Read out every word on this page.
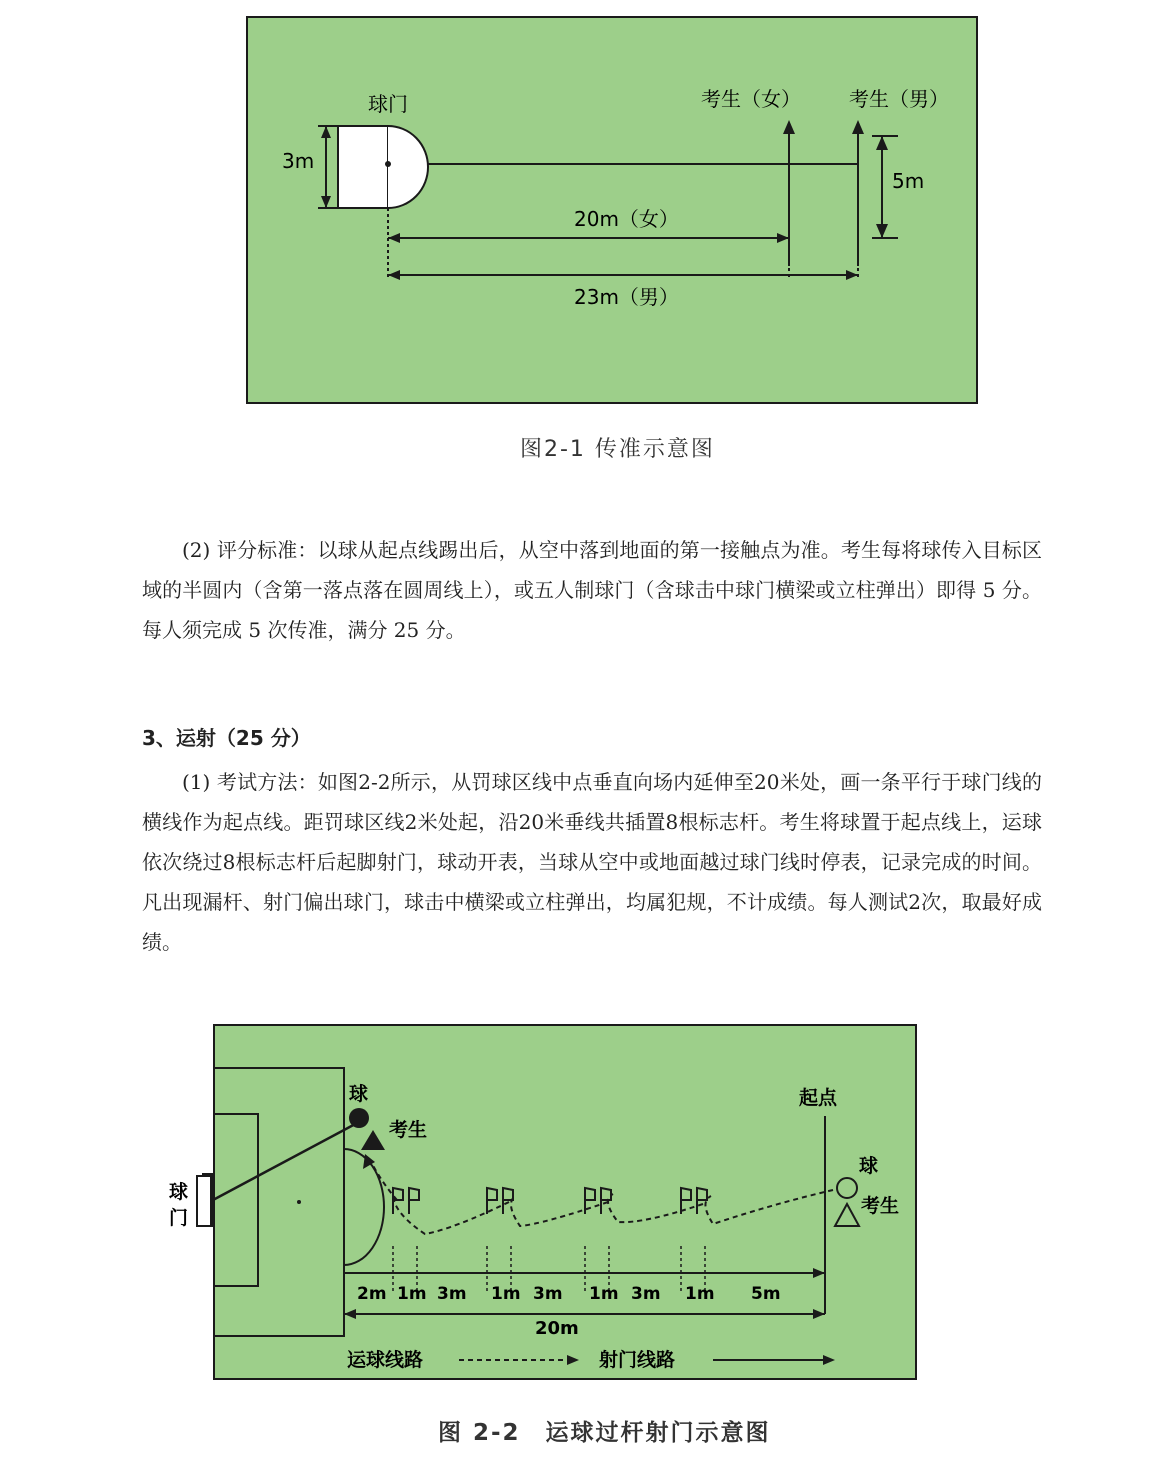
球门
3m
考生（女） 考生（男）
5m
20m（女）
23m（男）
图2-1 传准示意图

(2) 评分标准：以球从起点线踢出后，从空中落到地面的第一接触点为准。考生每将球传入目标区域的半圆内（含第一落点落在圆周线上），或五人制球门（含球击中球门横梁或立柱弹出）即得 5 分。每人须完成 5 次传准，满分 25 分。

3、运射（25 分）

(1) 考试方法：如图2-2所示，从罚球区线中点垂直向场内延伸至20米处，画一条平行于球门线的横线作为起点线。距罚球区线2米处起，沿20米垂线共插置8根标志杆。考生将球置于起点线上，运球依次绕过8根标志杆后起脚射门，球动开表，当球从空中或地面越过球门线时停表，记录完成的时间。凡出现漏杆、射门偏出球门，球击中横梁或立柱弹出，均属犯规，不计成绩。每人测试2次，取最好成绩。

球
门
球
考生
起点
球
考生
2m 1m 3m 1m 3m 1m 3m 1m 5m
20m
运球线路	射门线路
图 2-2　运球过杆射门示意图
